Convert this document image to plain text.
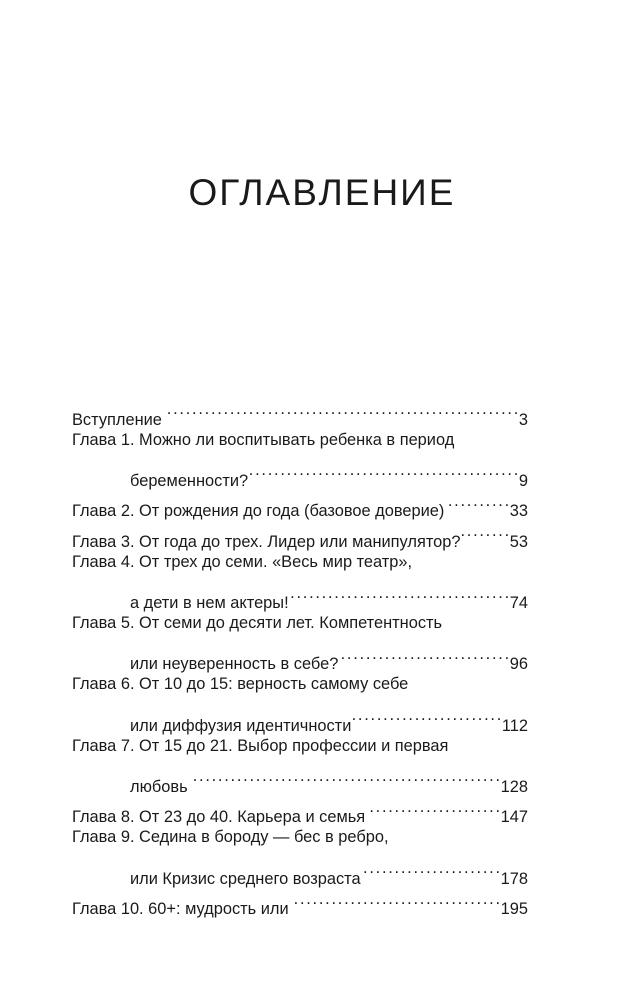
ОГЛАВЛЕНИЕ
Вступление . . .	3
Глава 1. Можно ли воспитывать ребенка в период
беременности? . . .	9
Глава 2. От рождения до года (базовое доверие) . . .	33
Глава 3. От года до трех. Лидер или манипулятор? . . .	53
Глава 4. От трех до семи. «Весь мир театр»,
а дети в нем актеры! . . .	74
Глава 5. От семи до десяти лет. Компетентность
или неуверенность в себе? . . .	96
Глава 6. От 10 до 15: верность самому себе
или диффузия идентичности . . .	112
Глава 7. От 15 до 21. Выбор профессии и первая
любовь . . .	128
Глава 8. От 23 до 40. Карьера и семья . . .	147
Глава 9. Седина в бороду — бес в ребро,
или Кризис среднего возраста . . .	178
Глава 10. 60+: мудрость или . . .	195
